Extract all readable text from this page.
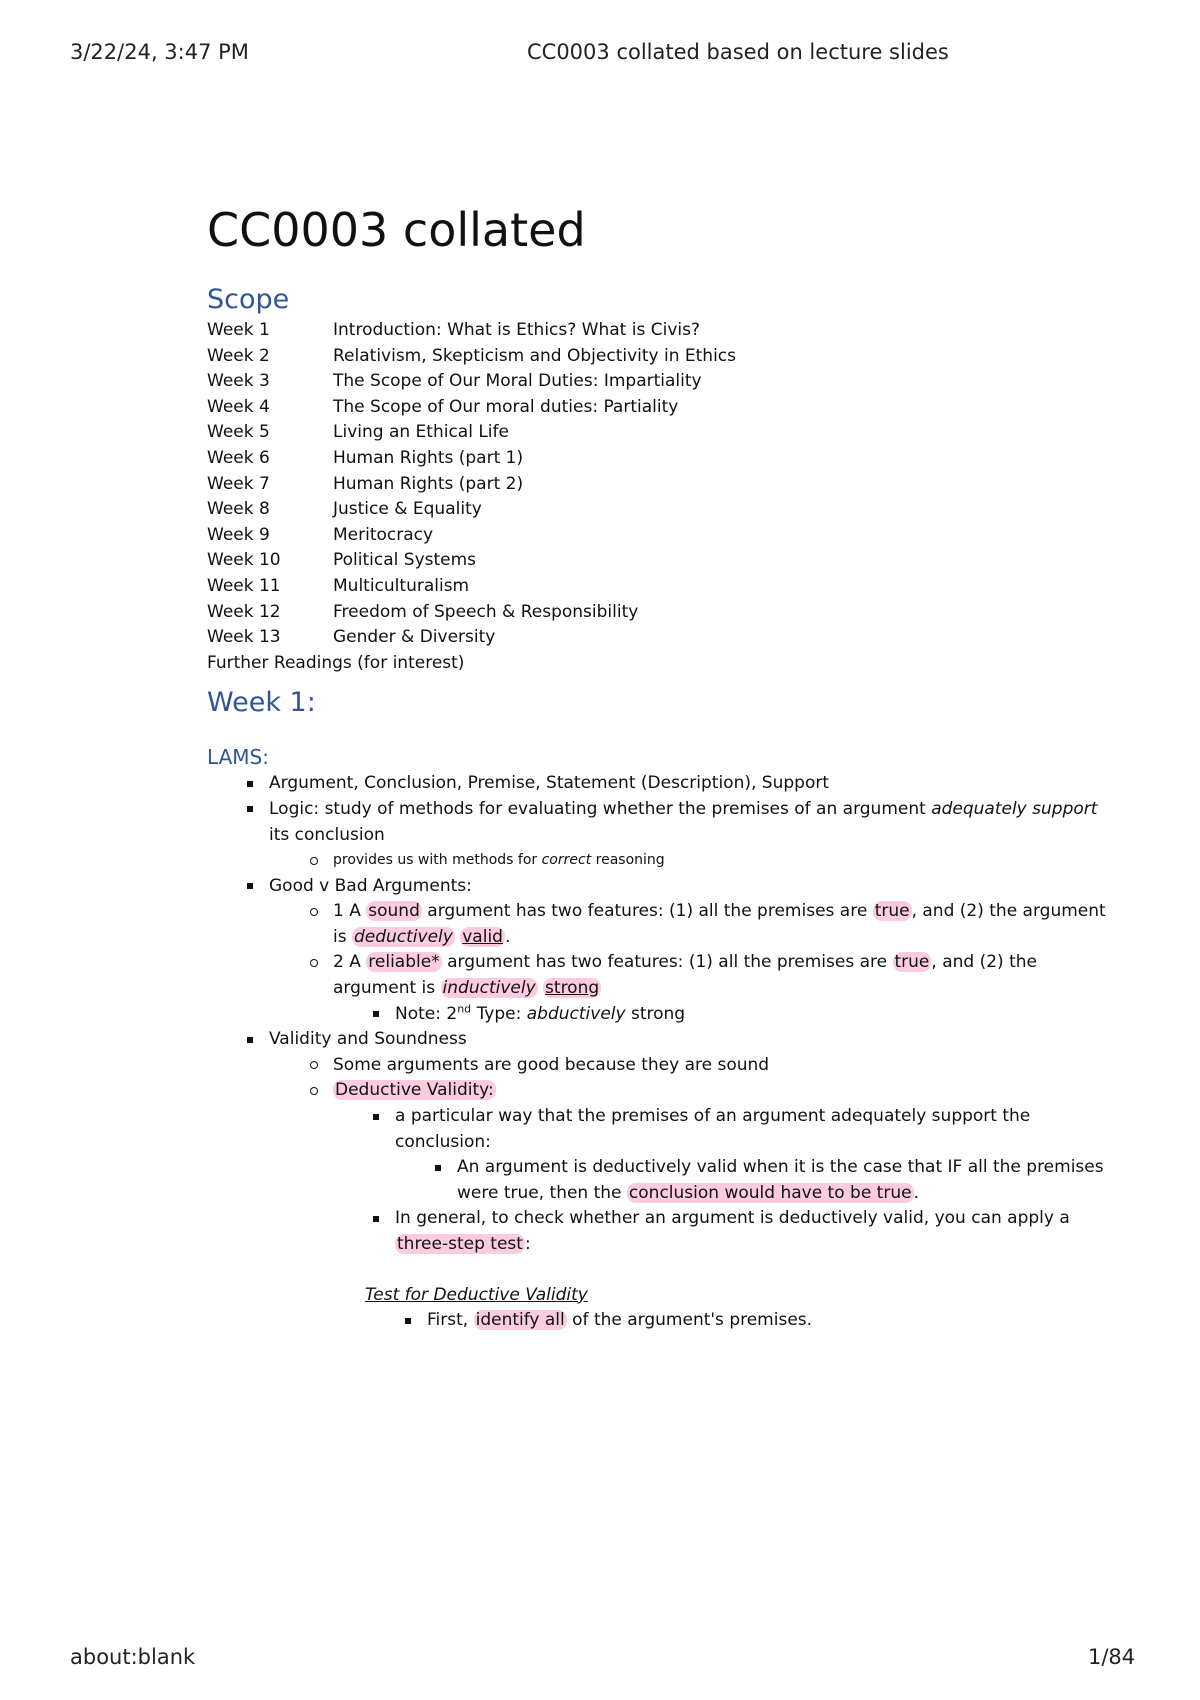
3/22/24, 3:47 PM	CC0003 collated based on lecture slides
CC0003 collated
Scope
Week 1	Introduction: What is Ethics? What is Civis?
Week 2	Relativism, Skepticism and Objectivity in Ethics
Week 3	The Scope of Our Moral Duties: Impartiality
Week 4	The Scope of Our moral duties: Partiality
Week 5	Living an Ethical Life
Week 6	Human Rights (part 1)
Week 7	Human Rights (part 2)
Week 8	Justice & Equality
Week 9	Meritocracy
Week 10	Political Systems
Week 11	Multiculturalism
Week 12	Freedom of Speech & Responsibility
Week 13	Gender & Diversity
Further Readings (for interest)
Week 1:
LAMS:
Argument, Conclusion, Premise, Statement (Description), Support
Logic: study of methods for evaluating whether the premises of an argument adequately support its conclusion
provides us with methods for correct reasoning
Good v Bad Arguments:
1 A sound argument has two features: (1) all the premises are true , and (2) the argument is deductively valid .
2 A reliable* argument has two features: (1) all the premises are true , and (2) the argument is inductively strong
Note: 2nd Type: abductively strong
Validity and Soundness
Some arguments are good because they are sound
Deductive Validity:
a particular way that the premises of an argument adequately support the conclusion:
An argument is deductively valid when it is the case that IF all the premises were true, then the conclusion would have to be true .
In general, to check whether an argument is deductively valid, you can apply a three-step test :
Test for Deductive Validity
First, identify all of the argument's premises.
about:blank	1/84
